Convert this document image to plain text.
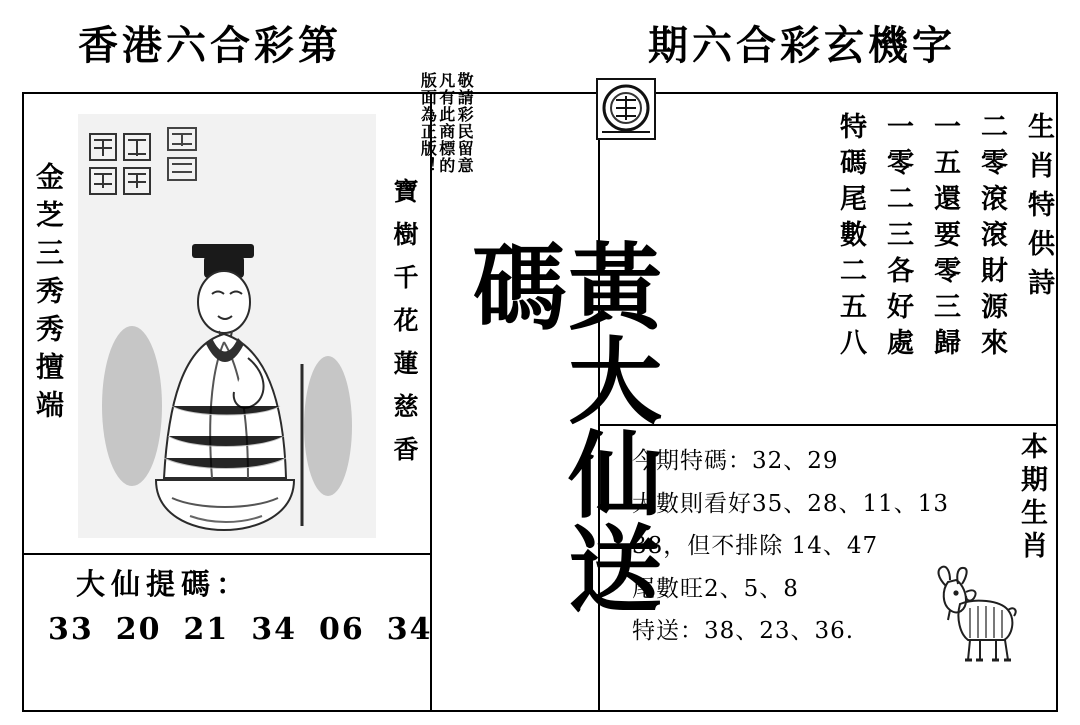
香港六合彩第	期六合彩玄機字
金芝三秀秀擅端	寶樹千花蓮慈香
大仙提碼：
33 20 21 34 06 34
敬請彩民留意
凡有此商標的
版面為正版！
黃大仙送碼	生肖特供詩
二零滾滾財源來
一五還要零三歸
一零二三各好處
特碼尾數二五八
今期特碼：32、29
大數則看好35、28、11、13
38，但不排除 14、47
尾數旺2、5、8
特送：38、23、36.
本期生肖
